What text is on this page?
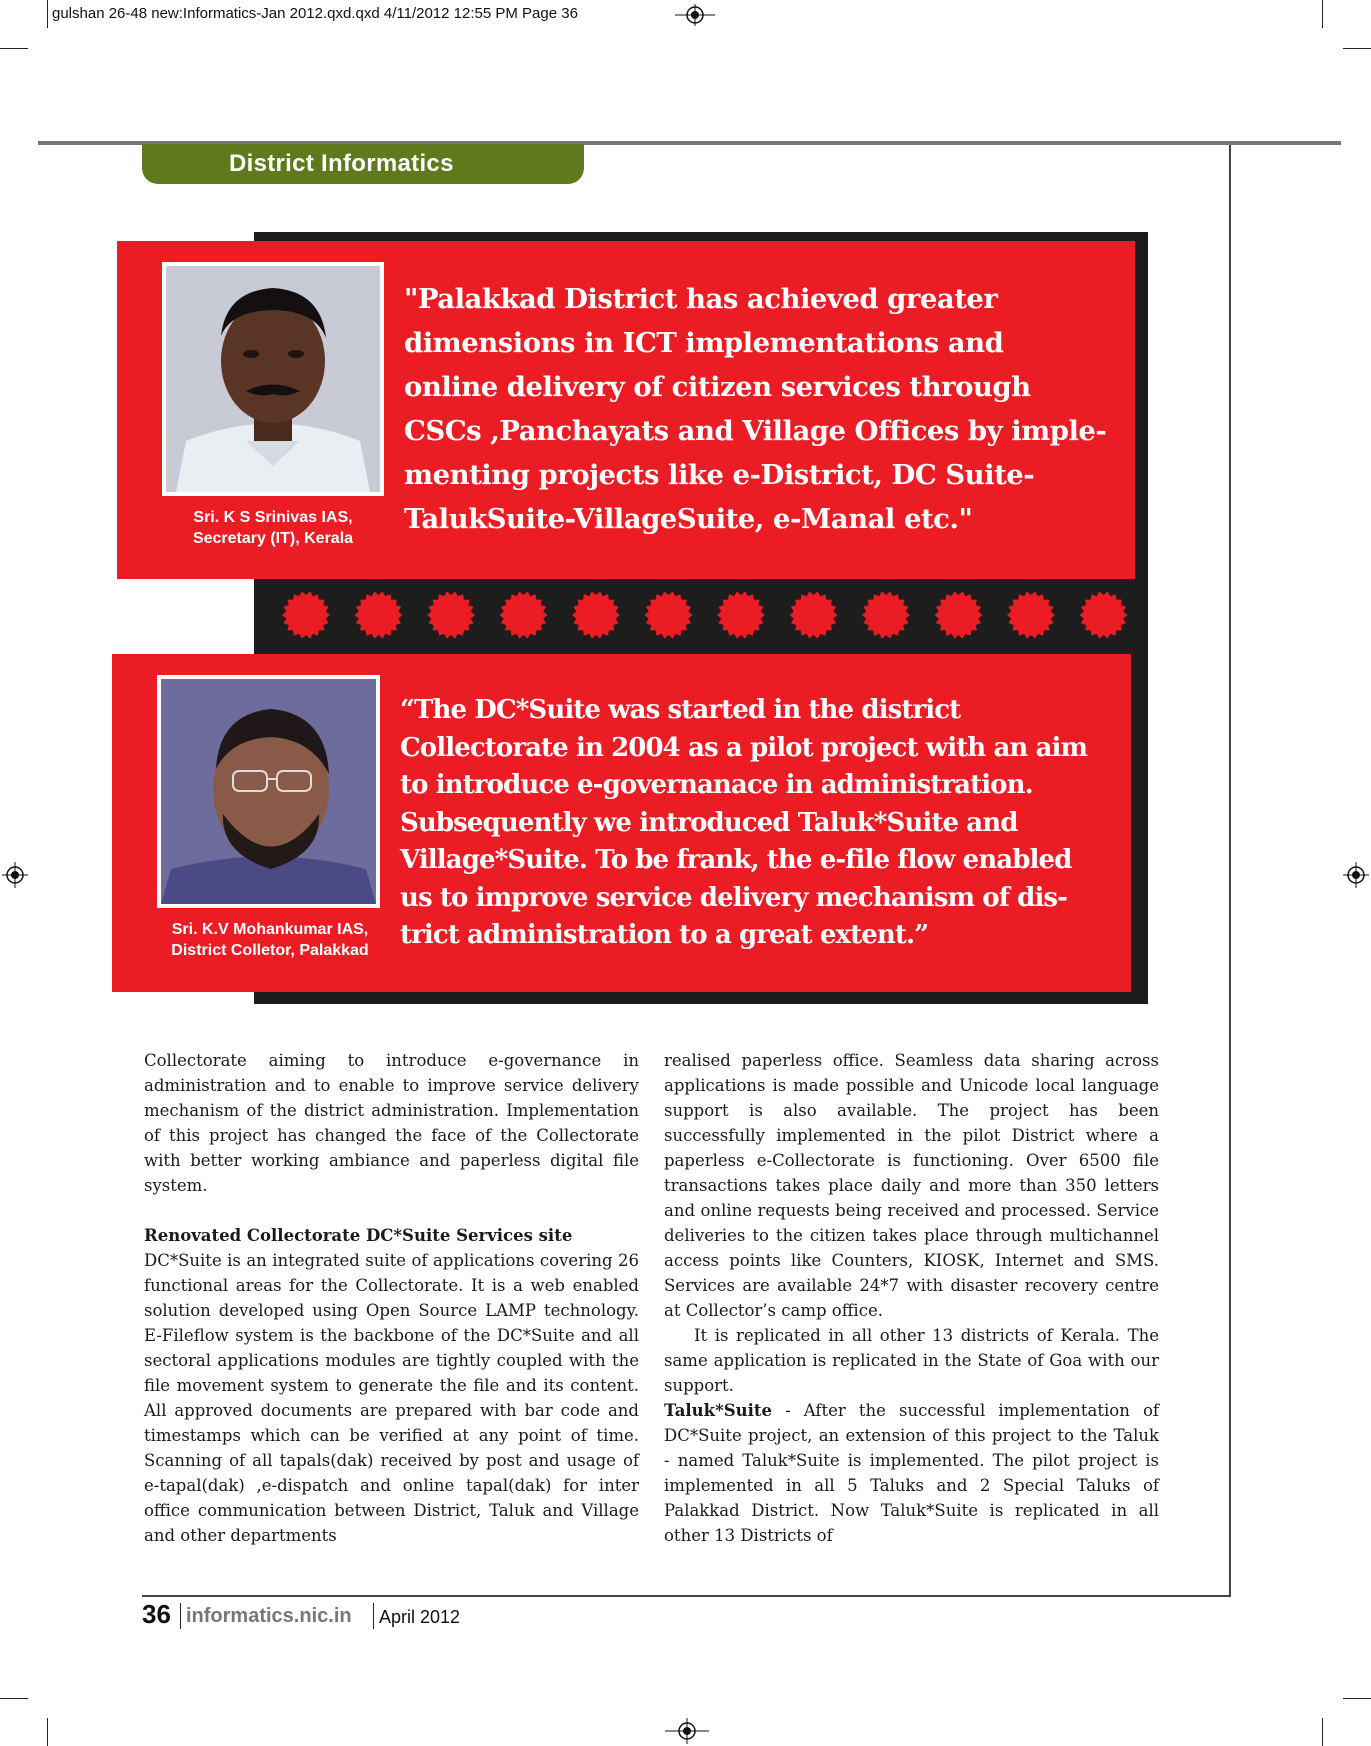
gulshan 26-48 new:Informatics-Jan 2012.qxd.qxd 4/11/2012 12:55 PM Page 36
District Informatics
Sri. K S Srinivas IAS,
Secretary (IT), Kerala
"Palakkad District has achieved greater
dimensions in ICT implementations and
online delivery of citizen services through
CSCs ,Panchayats and Village Offices by imple-
menting projects like e-District, DC Suite-
TalukSuite-VillageSuite, e-Manal etc."
Sri. K.V Mohankumar IAS,
District Colletor, Palakkad
“The DC*Suite was started in the district
Collectorate in 2004 as a pilot project with an aim
to introduce e-governanace in administration.
Subsequently we introduced Taluk*Suite and
Village*Suite. To be frank, the e-file flow enabled
us to improve service delivery mechanism of dis-
trict administration to a great extent.”

Collectorate aiming to introduce e-governance in administration and to enable to improve service delivery mechanism of the district administration. Implementation of this project has changed the face of the Collectorate with better working ambiance and paperless digital file system.

Renovated Collectorate DC*Suite Services site

DC*Suite is an integrated suite of applications covering 26 functional areas for the Collectorate. It is a web enabled solution developed using Open Source LAMP technology. E-Fileflow system is the backbone of the DC*Suite and all sectoral applications modules are tightly coupled with the file movement system to generate the file and its content. All approved documents are prepared with bar code and timestamps which can be verified at any point of time. Scanning of all tapals(dak) received by post and usage of e-tapal(dak) ,e-dispatch and online tapal(dak) for inter office communication between District, Taluk and Village and other departments

realised paperless office. Seamless data sharing across applications is made possible and Unicode local language support is also available. The project has been successfully implemented in the pilot District where a paperless e-Collectorate is functioning. Over 6500 file transactions takes place daily and more than 350 letters and online requests being received and processed. Service deliveries to the citizen takes place through multichannel access points like Counters, KIOSK, Internet and SMS. Services are available 24*7 with disaster recovery centre at Collector’s camp office.

It is replicated in all other 13 districts of Kerala. The same application is replicated in the State of Goa with our support.

Taluk*Suite - After the successful implementation of DC*Suite project, an extension of this project to the Taluk - named Taluk*Suite is implemented. The pilot project is implemented in all 5 Taluks and 2 Special Taluks of Palakkad District. Now Taluk*Suite is replicated in all other 13 Districts of

36 informatics.nic.in April 2012
